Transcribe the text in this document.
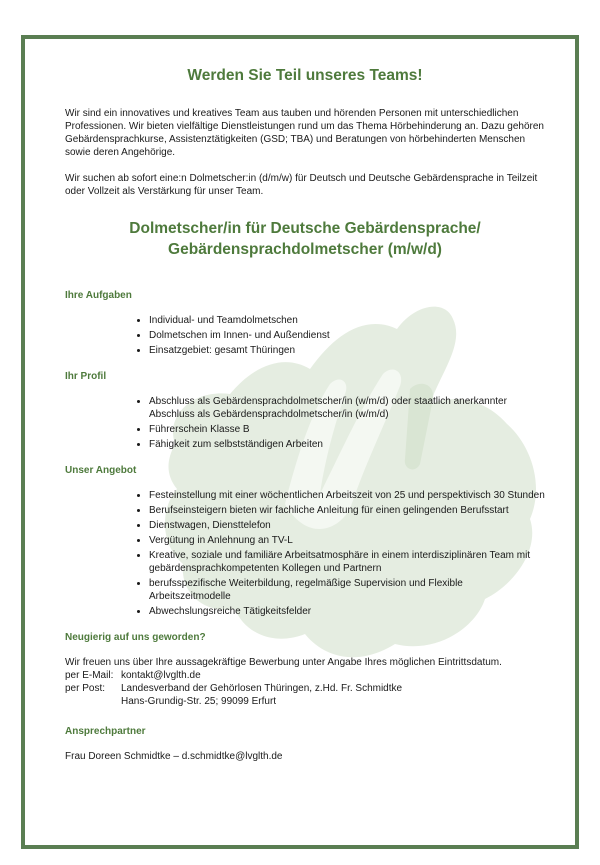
Werden Sie Teil unseres Teams!

Wir sind ein innovatives und kreatives Team aus tauben und hörenden Personen mit unterschiedlichen Professionen. Wir bieten vielfältige Dienstleistungen rund um das Thema Hörbehinderung an. Dazu gehören Gebärdensprachkurse, Assistenztätigkeiten (GSD; TBA) und Beratungen von hörbehinderten Menschen sowie deren Angehörige.

Wir suchen ab sofort eine:n Dolmetscher:in (d/m/w) für Deutsch und Deutsche Gebärdensprache in Teilzeit oder Vollzeit als Verstärkung für unser Team.

Dolmetscher/in für Deutsche Gebärdensprache/
Gebärdensprachdolmetscher (m/w/d)
Ihre Aufgaben
• Individual- und Teamdolmetschen
• Dolmetschen im Innen- und Außendienst
• Einsatzgebiet: gesamt Thüringen
Ihr Profil
• Abschluss als Gebärdensprachdolmetscher/in (w/m/d) oder staatlich anerkannter Abschluss als Gebärdensprachdolmetscher/in (w/m/d)
• Führerschein Klasse B
• Fähigkeit zum selbstständigen Arbeiten
Unser Angebot
• Festeinstellung mit einer wöchentlichen Arbeitszeit von 25 und perspektivisch 30 Stunden
• Berufseinsteigern bieten wir fachliche Anleitung für einen gelingenden Berufsstart
• Dienstwagen, Diensttelefon
• Vergütung in Anlehnung an TV-L
• Kreative, soziale und familiäre Arbeitsatmosphäre in einem interdisziplinären Team mit gebärdensprachkompetenten Kollegen und Partnern
• berufsspezifische Weiterbildung, regelmäßige Supervision und Flexible Arbeitszeitmodelle
• Abwechslungsreiche Tätigkeitsfelder
Neugierig auf uns geworden?

Wir freuen uns über Ihre aussagekräftige Bewerbung unter Angabe Ihres möglichen Eintrittsdatum.

per E-Mail: kontakt@lvglth.de
per Post:	Landesverband der Gehörlosen Thüringen, z.Hd. Fr. Schmidtke
Hans-Grundig-Str. 25; 99099 Erfurt
Ansprechpartner

Frau Doreen Schmidtke – d.schmidtke@lvglth.de
